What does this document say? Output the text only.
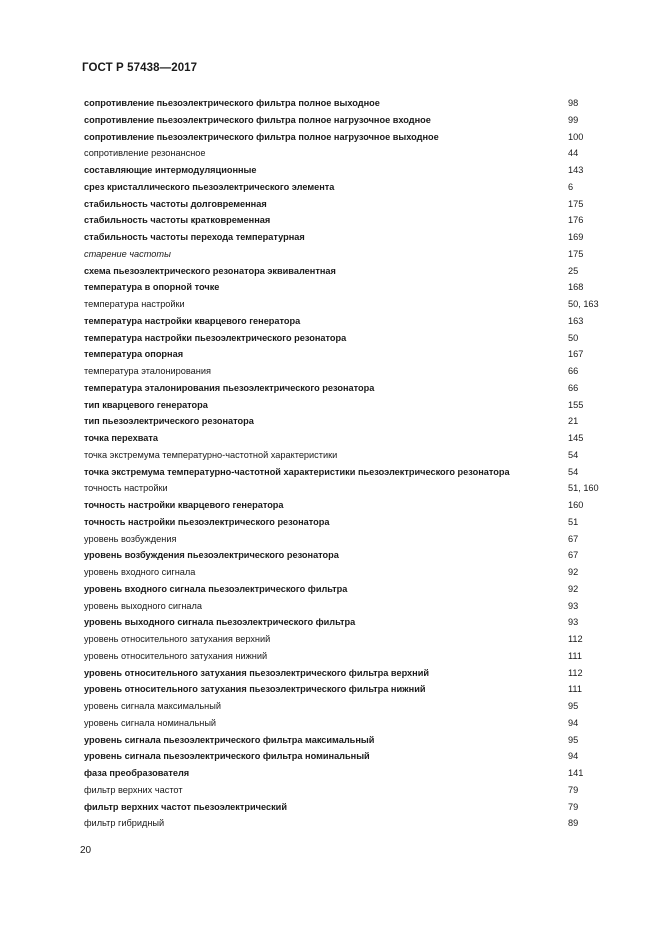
ГОСТ Р 57438—2017
сопротивление пьезоэлектрического фильтра полное выходное	98
сопротивление пьезоэлектрического фильтра полное нагрузочное входное	99
сопротивление пьезоэлектрического фильтра полное нагрузочное выходное	100
сопротивление резонансное	44
составляющие интермодуляционные	143
срез кристаллического пьезоэлектрического элемента	6
стабильность частоты долговременная	175
стабильность частоты кратковременная	176
стабильность частоты перехода температурная	169
старение частоты	175
схема пьезоэлектрического резонатора эквивалентная	25
температура в опорной точке	168
температура настройки	50, 163
температура настройки кварцевого генератора	163
температура настройки пьезоэлектрического резонатора	50
температура опорная	167
температура эталонирования	66
температура эталонирования пьезоэлектрического резонатора	66
тип кварцевого генератора	155
тип пьезоэлектрического резонатора	21
точка перехвата	145
точка экстремума температурно-частотной характеристики	54
точка экстремума температурно-частотной характеристики пьезоэлектрического резонатора	54
точность настройки	51, 160
точность настройки кварцевого генератора	160
точность настройки пьезоэлектрического резонатора	51
уровень возбуждения	67
уровень возбуждения пьезоэлектрического резонатора	67
уровень входного сигнала	92
уровень входного сигнала пьезоэлектрического фильтра	92
уровень выходного сигнала	93
уровень выходного сигнала пьезоэлектрического фильтра	93
уровень относительного затухания верхний	112
уровень относительного затухания нижний	111
уровень относительного затухания пьезоэлектрического фильтра верхний	112
уровень относительного затухания пьезоэлектрического фильтра нижний	111
уровень сигнала максимальный	95
уровень сигнала номинальный	94
уровень сигнала пьезоэлектрического фильтра максимальный	95
уровень сигнала пьезоэлектрического фильтра номинальный	94
фаза преобразователя	141
фильтр верхних частот	79
фильтр верхних частот пьезоэлектрический	79
фильтр гибридный	89
20
